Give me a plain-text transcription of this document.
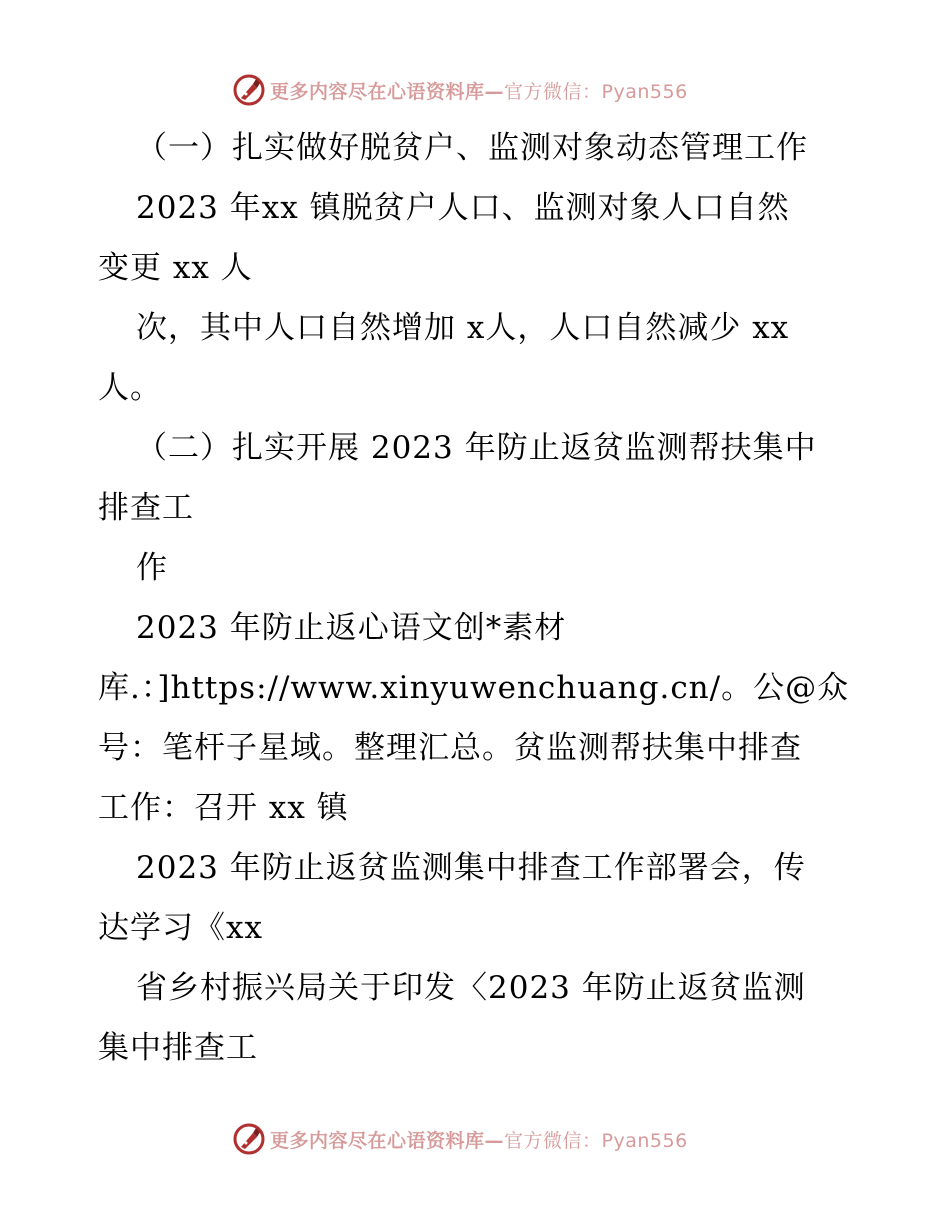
更多内容尽在心语资料库— 官方微信：Pyan556
（一）扎实做好脱贫户、监测对象动态管理工作
2023 年xx 镇脱贫户人口、监测对象人口自然
变更 xx 人
次，其中人口自然增加 x人，人口自然减少 xx
人。
（二）扎实开展 2023 年防止返贫监测帮扶集中
排查工
作
2023 年防止返心语文创*素材
库.：]https://www.xinyuwenchuang.cn/。公@众
号：笔杆子星域。整理汇总。贫监测帮扶集中排查
工作：召开 xx 镇
2023 年防止返贫监测集中排查工作部署会，传
达学习《xx
省乡村振兴局关于印发〈2023 年防止返贫监测
集中排查工
更多内容尽在心语资料库— 官方微信：Pyan556
